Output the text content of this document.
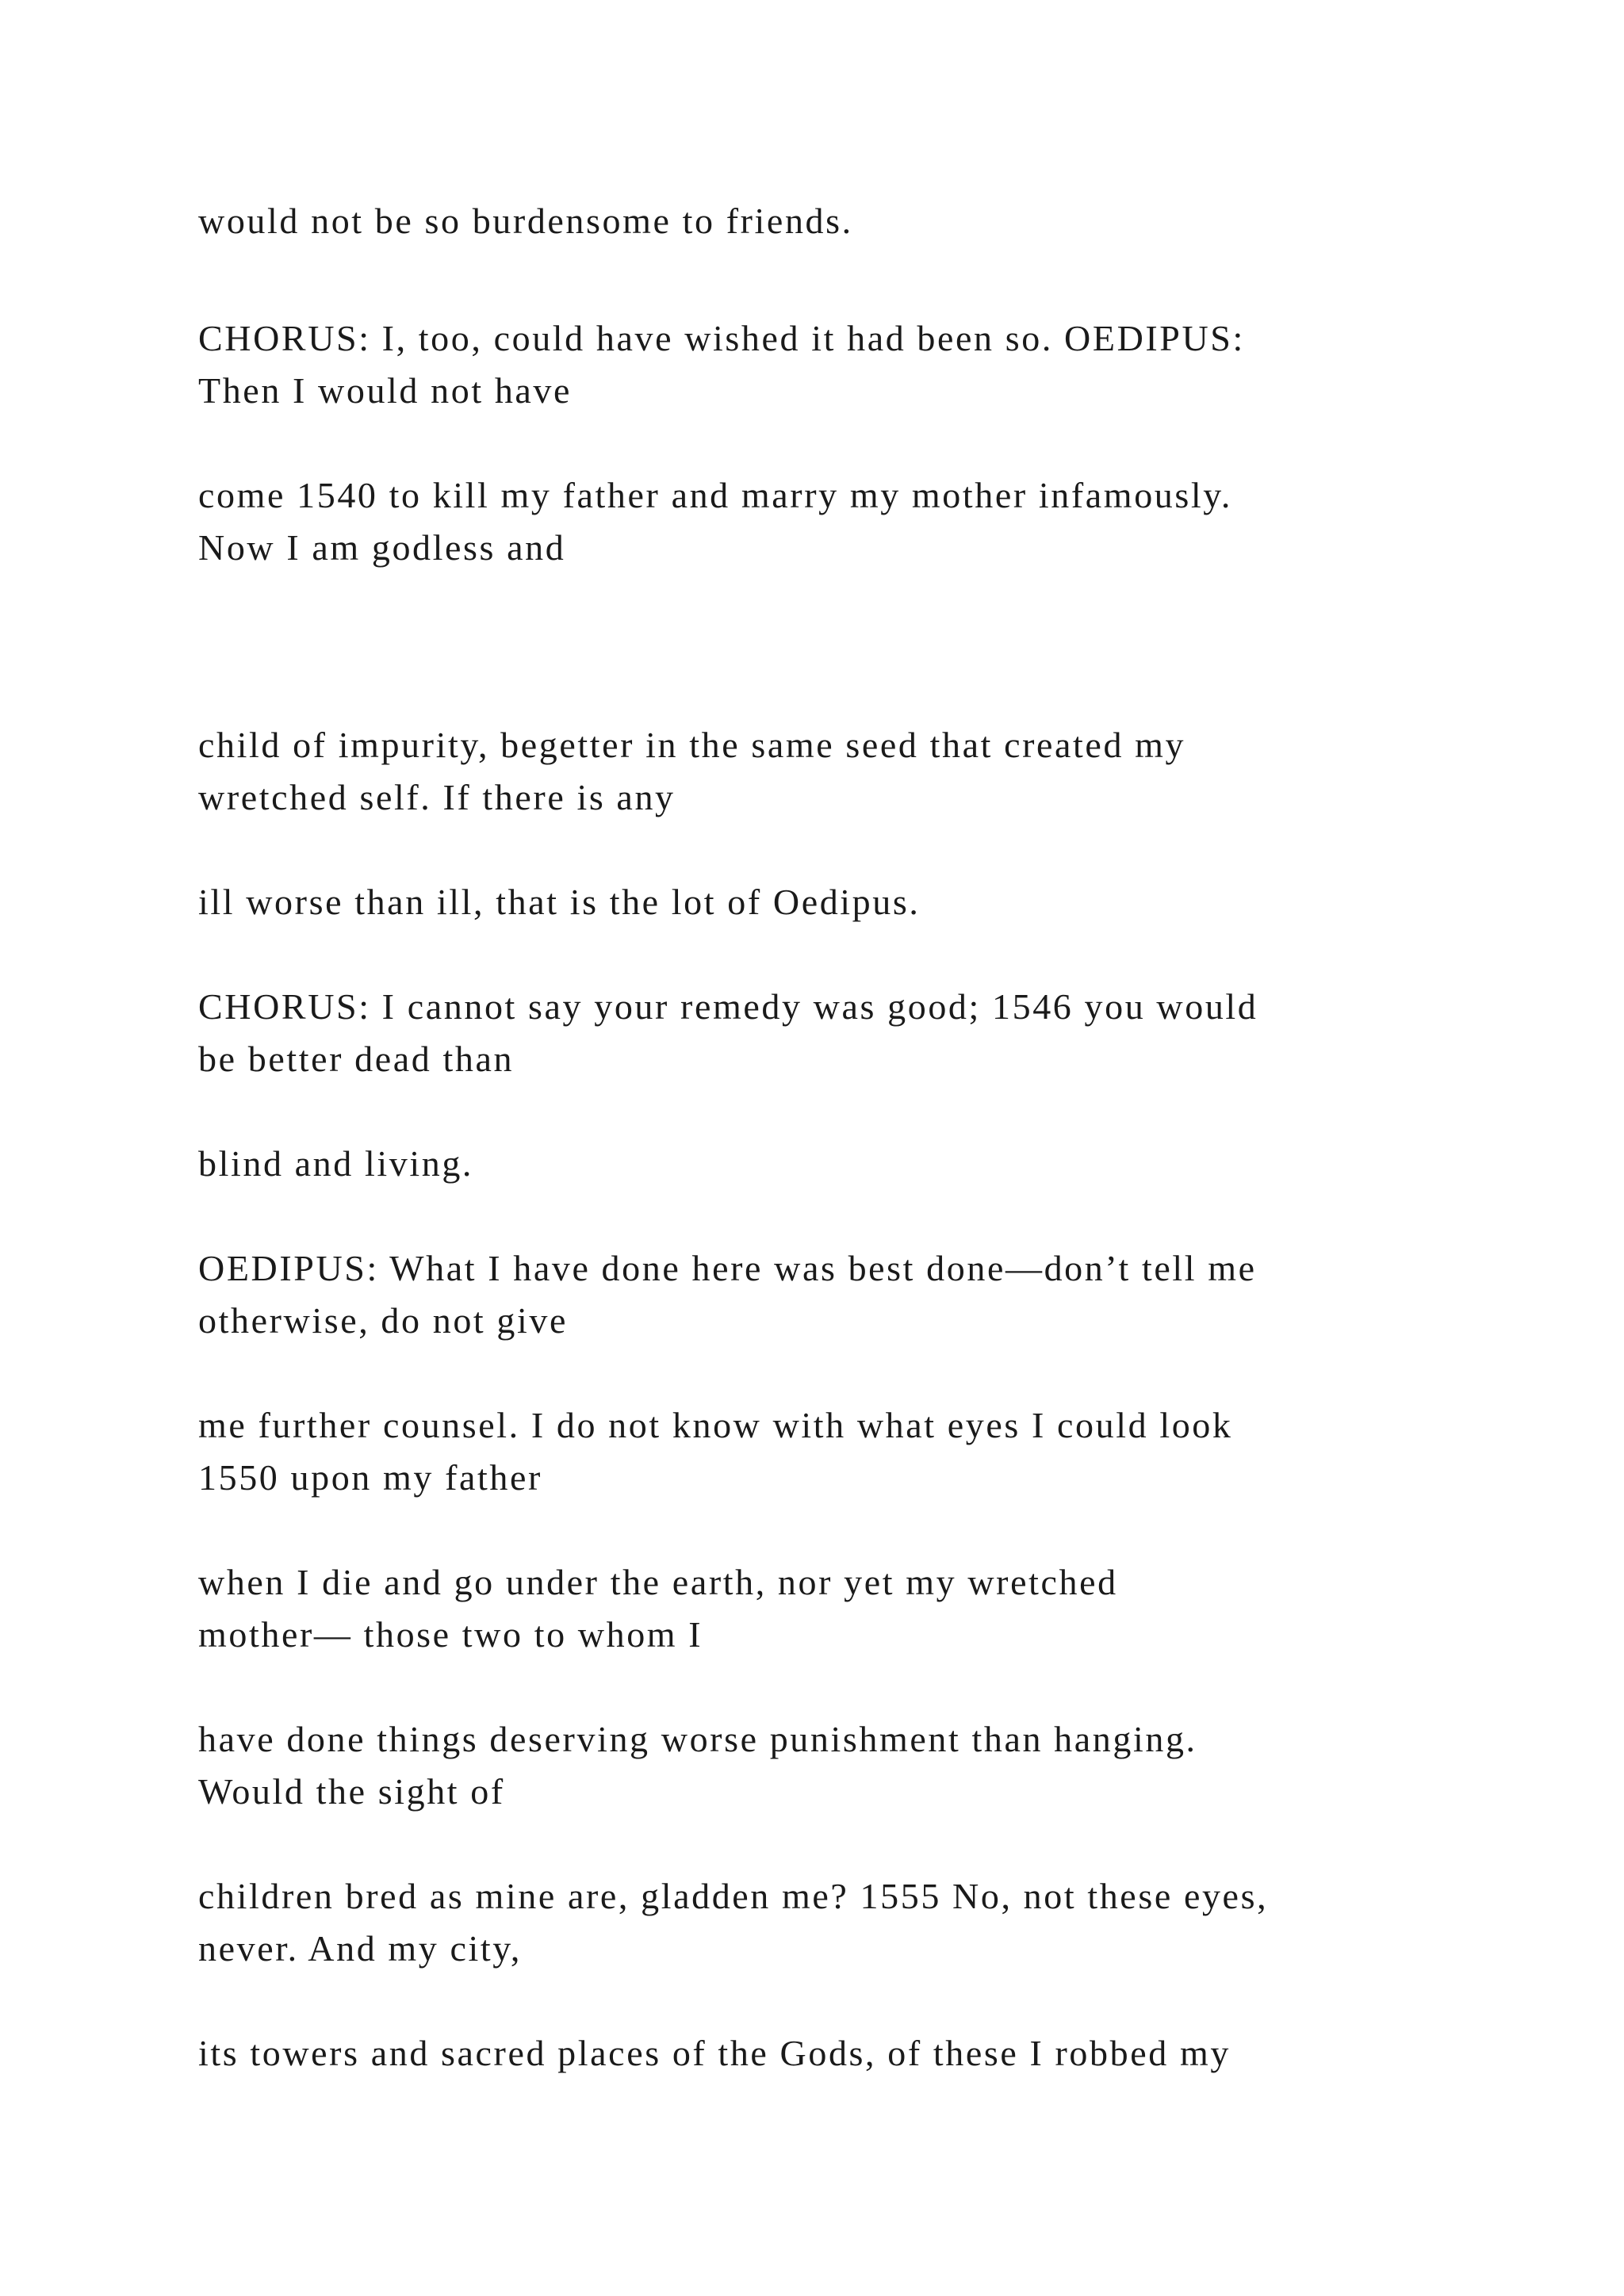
would not be so burdensome to friends.

CHORUS: I, too, could have wished it had been so. OEDIPUS:
Then I would not have

come 1540 to kill my father and marry my mother infamously.
Now I am godless and

child of impurity, begetter in the same seed that created my
wretched self. If there is any

ill worse than ill, that is the lot of Oedipus.

CHORUS: I cannot say your remedy was good; 1546 you would
be better dead than

blind and living.

OEDIPUS: What I have done here was best done—don’t tell me
otherwise, do not give

me further counsel. I do not know with what eyes I could look
1550 upon my father

when I die and go under the earth, nor yet my wretched
mother— those two to whom I

have done things deserving worse punishment than hanging.
Would the sight of

children bred as mine are, gladden me? 1555 No, not these eyes,
never. And my city,

its towers and sacred places of the Gods, of these I robbed my
